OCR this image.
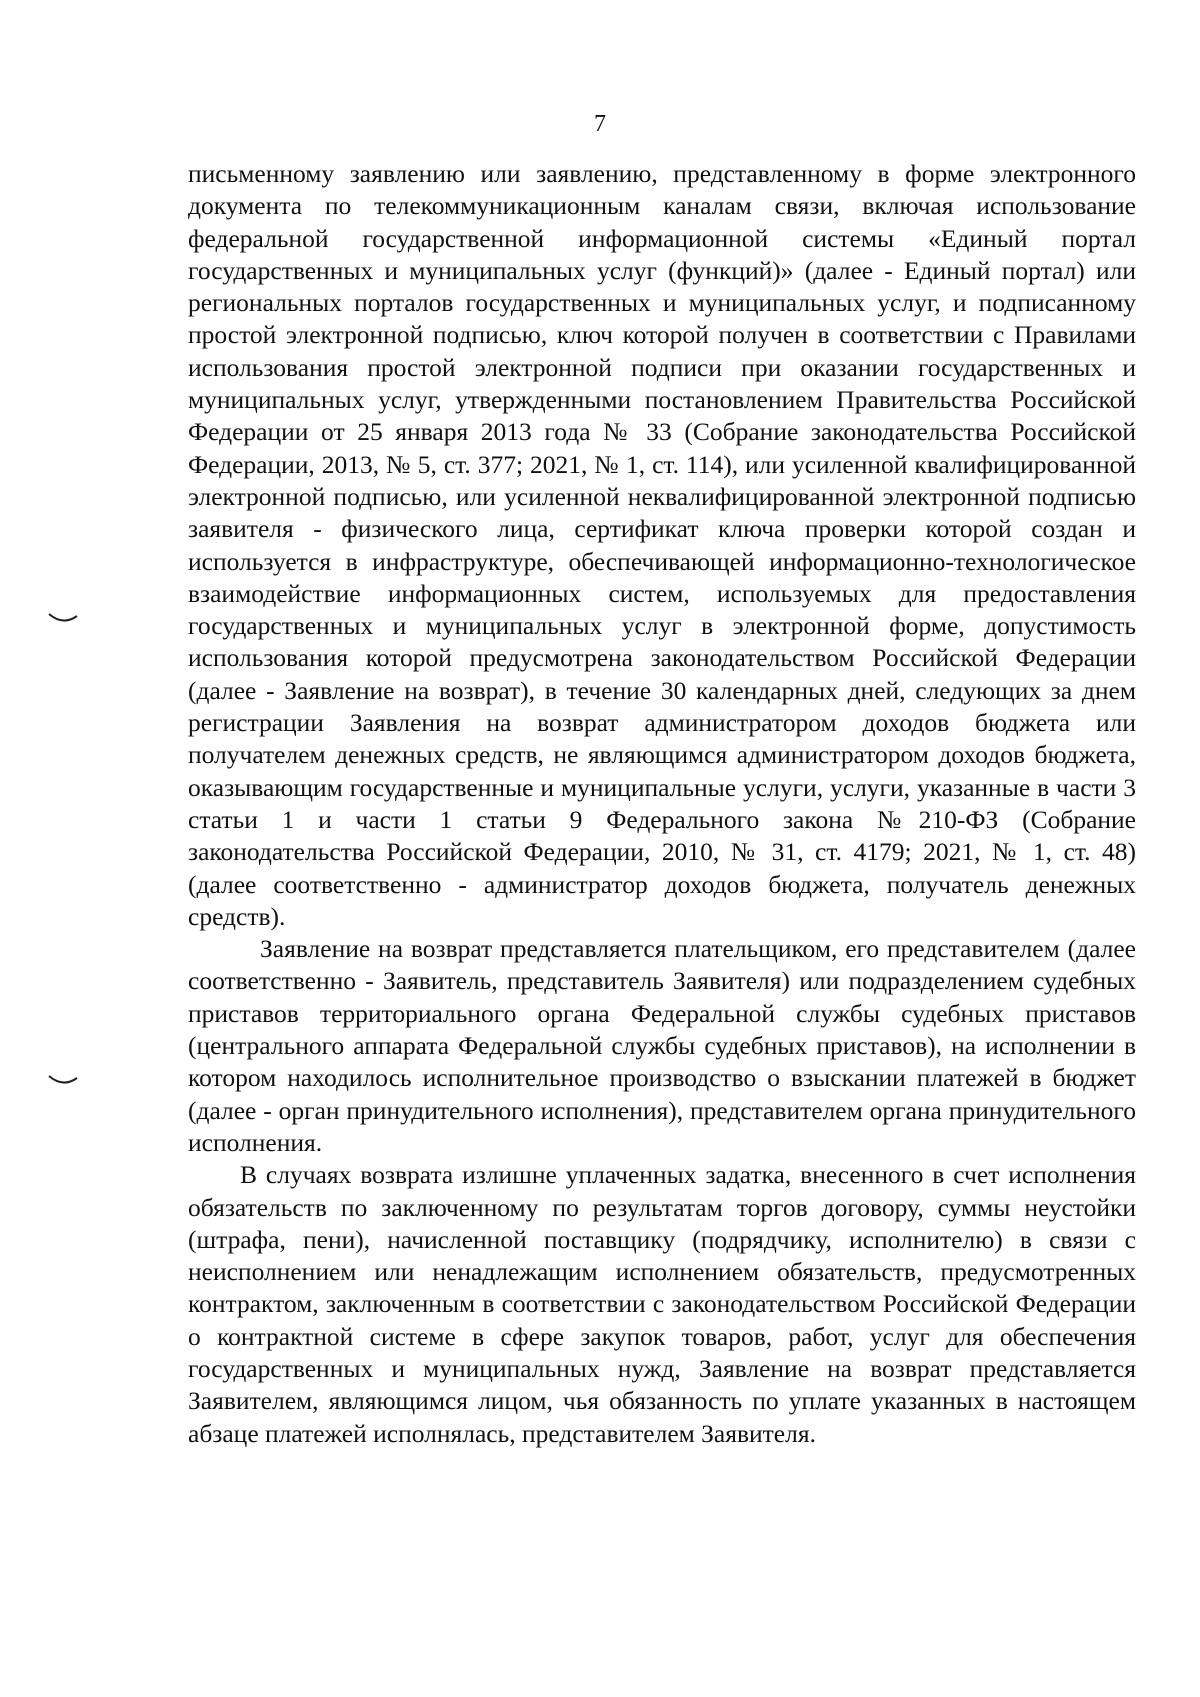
7

письменному заявлению или заявлению, представленному в форме электронного документа по телекоммуникационным каналам связи, включая использование федеральной государственной информационной системы «Единый портал государственных и муниципальных услуг (функций)» (далее - Единый портал) или региональных порталов государственных и муниципальных услуг, и подписанному простой электронной подписью, ключ которой получен в соответствии с Правилами использования простой электронной подписи при оказании государственных и муниципальных услуг, утвержденными постановлением Правительства Российской Федерации от 25 января 2013 года № 33 (Собрание законодательства Российской Федерации, 2013, № 5, ст. 377; 2021, № 1, ст. 114), или усиленной квалифицированной электронной подписью, или усиленной неквалифицированной электронной подписью заявителя - физического лица, сертификат ключа проверки которой создан и используется в инфраструктуре, обеспечивающей информационно-технологическое взаимодействие информационных систем, используемых для предоставления государственных и муниципальных услуг в электронной форме, допустимость использования которой предусмотрена законодательством Российской Федерации (далее - Заявление на возврат), в течение 30 календарных дней, следующих за днем регистрации Заявления на возврат администратором доходов бюджета или получателем денежных средств, не являющимся администратором доходов бюджета, оказывающим государственные и муниципальные услуги, услуги, указанные в части 3 статьи 1 и части 1 статьи 9 Федерального закона №210-ФЗ (Собрание законодательства Российской Федерации, 2010, № 31, ст. 4179; 2021, № 1, ст. 48) (далее соответственно - администратор доходов бюджета, получатель денежных средств).

Заявление на возврат представляется плательщиком, его представителем (далее соответственно - Заявитель, представитель Заявителя) или подразделением судебных приставов территориального органа Федеральной службы судебных приставов (центрального аппарата Федеральной службы судебных приставов), на исполнении в котором находилось исполнительное производство о взыскании платежей в бюджет (далее - орган принудительного исполнения), представителем органа принудительного исполнения.

В случаях возврата излишне уплаченных задатка, внесенного в счет исполнения обязательств по заключенному по результатам торгов договору, суммы неустойки (штрафа, пени), начисленной поставщику (подрядчику, исполнителю) в связи с неисполнением или ненадлежащим исполнением обязательств, предусмотренных контрактом, заключенным в соответствии с законодательством Российской Федерации о контрактной системе в сфере закупок товаров, работ, услуг для обеспечения государственных и муниципальных нужд, Заявление на возврат представляется Заявителем, являющимся лицом, чья обязанность по уплате указанных в настоящем абзаце платежей исполнялась, представителем Заявителя.
